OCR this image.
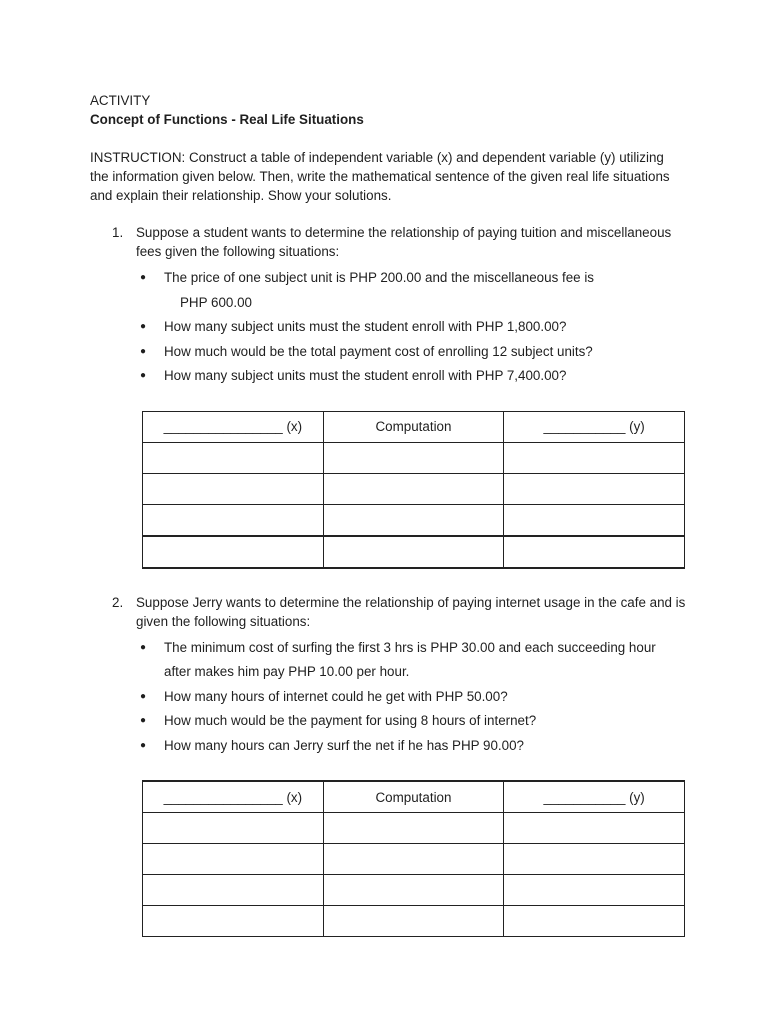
ACTIVITY
Concept of Functions - Real Life Situations
INSTRUCTION: Construct a table of independent variable (x) and dependent variable (y) utilizing the information given below. Then, write the mathematical sentence of the given real life situations and explain their relationship. Show your solutions.
1. Suppose a student wants to determine the relationship of paying tuition and miscellaneous fees given the following situations:
● The price of one subject unit is PHP 200.00 and the miscellaneous fee is
PHP 600.00
● How many subject units must the student enroll with PHP 1,800.00?
● How much would be the total payment cost of enrolling 12 subject units?
● How many subject units must the student enroll with PHP 7,400.00?
________________ (x)	Computation	___________ (y)

2. Suppose Jerry wants to determine the relationship of paying internet usage in the cafe and is given the following situations:
● The minimum cost of surfing the first 3 hrs is PHP 30.00 and each succeeding hour
after makes him pay PHP 10.00 per hour.
● How many hours of internet could he get with PHP 50.00?
● How much would be the payment for using 8 hours of internet?
● How many hours can Jerry surf the net if he has PHP 90.00?
________________ (x)	Computation	___________ (y)
